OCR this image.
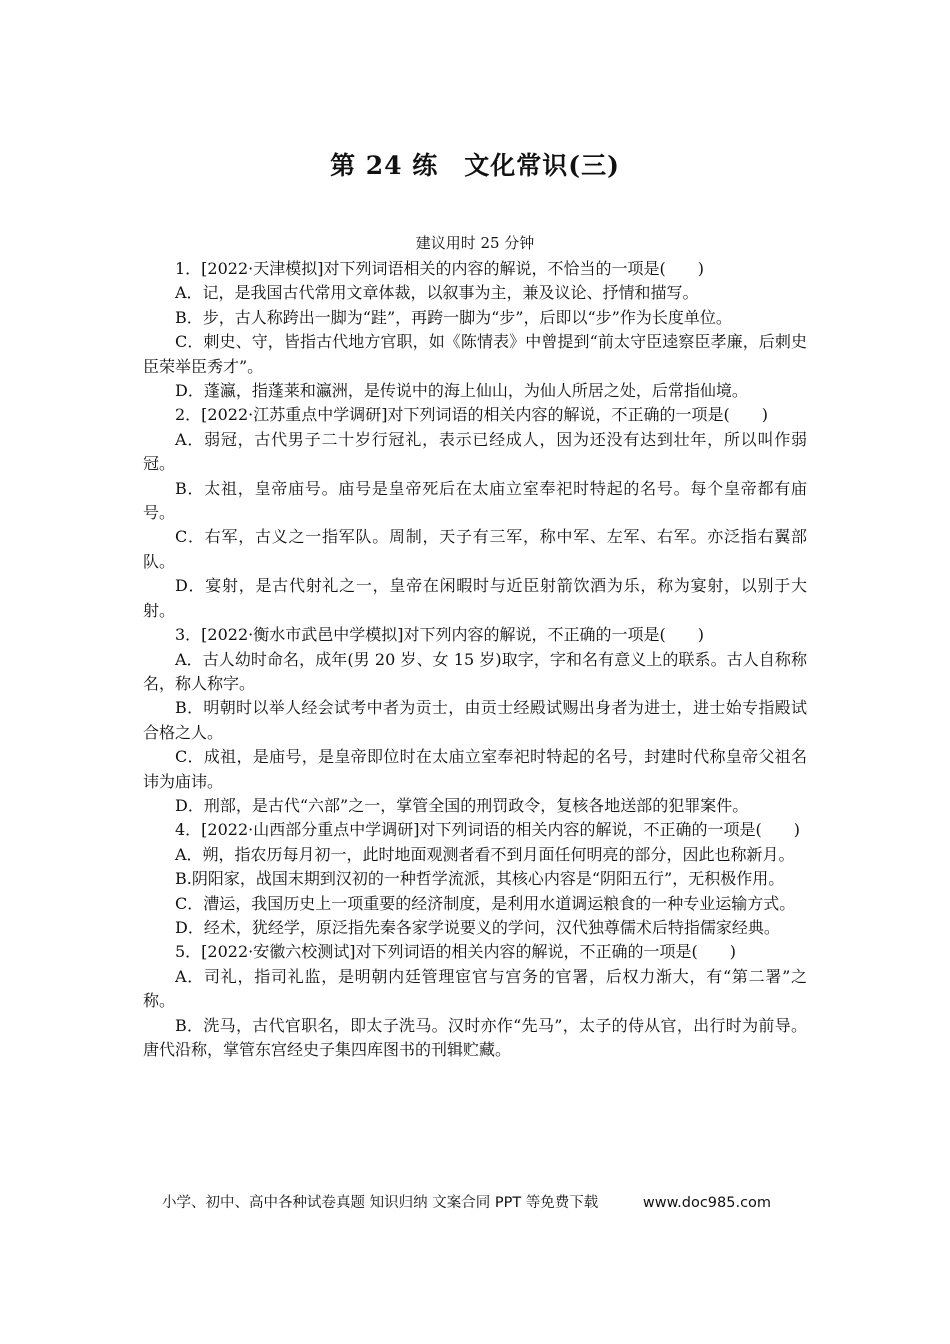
第 24 练　文化常识(三)
建议用时 25 分钟

1．[2022·天津模拟]对下列词语相关的内容的解说，不恰当的一项是(　　)

A．记，是我国古代常用文章体裁，以叙事为主，兼及议论、抒情和描写。

B．步，古人称跨出一脚为“跬”，再跨一脚为“步”，后即以“步”作为长度单位。

C．刺史、守，皆指古代地方官职，如《陈情表》中曾提到“前太守臣逵察臣孝廉，后刺史臣荣举臣秀才”。

D．蓬瀛，指蓬莱和瀛洲，是传说中的海上仙山，为仙人所居之处，后常指仙境。

2．[2022·江苏重点中学调研]对下列词语的相关内容的解说，不正确的一项是(　　)

A．弱冠，古代男子二十岁行冠礼，表示已经成人，因为还没有达到壮年，所以叫作弱冠。

B．太祖，皇帝庙号。庙号是皇帝死后在太庙立室奉祀时特起的名号。每个皇帝都有庙号。

C．右军，古义之一指军队。周制，天子有三军，称中军、左军、右军。亦泛指右翼部队。

D．宴射，是古代射礼之一，皇帝在闲暇时与近臣射箭饮酒为乐，称为宴射，以别于大射。

3．[2022·衡水市武邑中学模拟]对下列内容的解说，不正确的一项是(　　)

A．古人幼时命名，成年(男 20 岁、女 15 岁)取字，字和名有意义上的联系。古人自称称名，称人称字。

B．明朝时以举人经会试考中者为贡士，由贡士经殿试赐出身者为进士，进士始专指殿试合格之人。

C．成祖，是庙号，是皇帝即位时在太庙立室奉祀时特起的名号，封建时代称皇帝父祖名讳为庙讳。

D．刑部，是古代“六部”之一，掌管全国的刑罚政令，复核各地送部的犯罪案件。

4．[2022·山西部分重点中学调研]对下列词语的相关内容的解说，不正确的一项是(　　)

A．朔，指农历每月初一，此时地面观测者看不到月面任何明亮的部分，因此也称新月。

B.阴阳家，战国末期到汉初的一种哲学流派，其核心内容是“阴阳五行”，无积极作用。

C．漕运，我国历史上一项重要的经济制度，是利用水道调运粮食的一种专业运输方式。

D．经术，犹经学，原泛指先秦各家学说要义的学问，汉代独尊儒术后特指儒家经典。

5．[2022·安徽六校测试]对下列词语的相关内容的解说，不正确的一项是(　　)

A．司礼，指司礼监，是明朝内廷管理宦官与宫务的官署，后权力渐大，有“第二署”之称。

B．洗马，古代官职名，即太子洗马。汉时亦作“先马”，太子的侍从官，出行时为前导。唐代沿称，掌管东宫经史子集四库图书的刊辑贮藏。

小学、初中、高中各种试卷真题 知识归纳 文案合同 PPT 等免费下载	www.doc985.com
